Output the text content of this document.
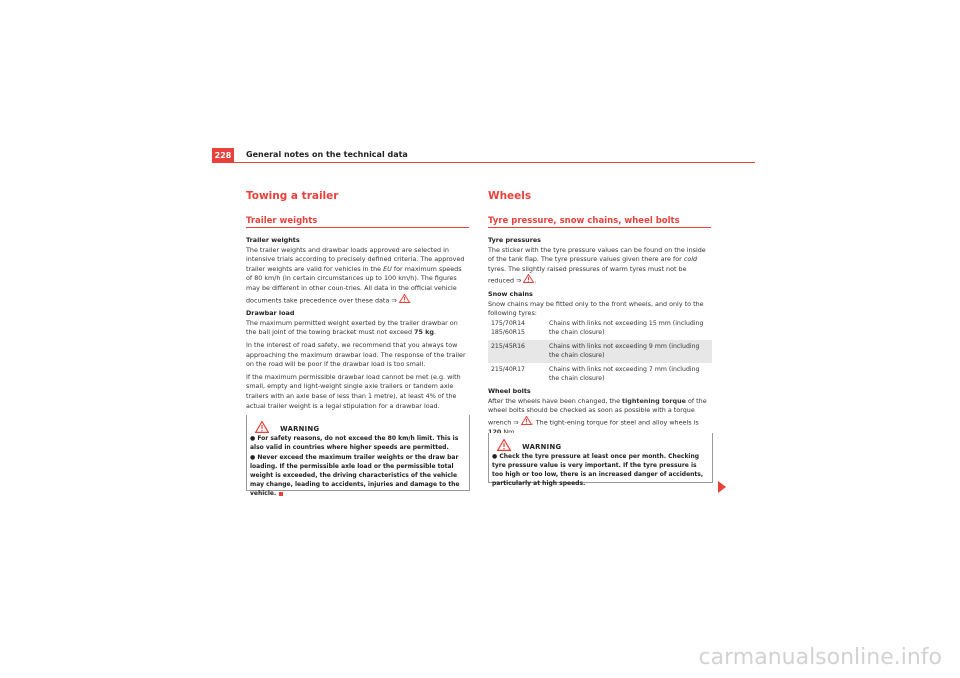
228	General notes on the technical data
Towing a trailer
Trailer weights

Trailer weights

The trailer weights and drawbar loads approved are selected in intensive trials according to precisely defined criteria. The approved trailer weights are valid for vehicles in the EU for maximum speeds of 80 km/h (in certain circumstances up to 100 km/h). The figures may be different in other coun-tries. All data in the official vehicle documents take precedence over these data ⇒ .

Drawbar load

The maximum permitted weight exerted by the trailer drawbar on the ball joint of the towing bracket must not exceed 75 kg.

In the interest of road safety, we recommend that you always tow approaching the maximum drawbar load. The response of the trailer on the road will be poor if the drawbar load is too small.

If the maximum permissible drawbar load cannot be met (e.g. with small, empty and light-weight single axle trailers or tandem axle trailers with an axle base of less than 1 metre), at least 4% of the actual trailer weight is a legal stipulation for a drawbar load.

WARNING

● For safety reasons, do not exceed the 80 km/h limit. This is also valid in countries where higher speeds are permitted.

● Never exceed the maximum trailer weights or the draw bar loading. If the permissible axle load or the permissible total weight is exceeded, the driving characteristics of the vehicle may change, leading to accidents, injuries and damage to the vehicle.

Wheels
Tyre pressure, snow chains, wheel bolts

Tyre pressures

The sticker with the tyre pressure values can be found on the inside of the tank flap. The tyre pressure values given there are for cold tyres. The slightly raised pressures of warm tyres must not be reduced ⇒ .

Snow chains

Snow chains may be fitted only to the front wheels, and only to the following tyres:

175/70R14
185/60R15	Chains with links not exceeding 15 mm (including the chain closure)
215/45R16	Chains with links not exceeding 9 mm (including the chain closure)
215/40R17	Chains with links not exceeding 7 mm (including the chain closure)

Wheel bolts

After the wheels have been changed, the tightening torque of the wheel bolts should be checked as soon as possible with a torque wrench ⇒ . The tight-ening torque for steel and alloy wheels is

WARNING

● Check the tyre pressure at least once per month. Checking tyre pressure value is very important. If the tyre pressure is too high or too low, there is an increased danger of accidents, particularly at high speeds.

carmanualsonline.info
